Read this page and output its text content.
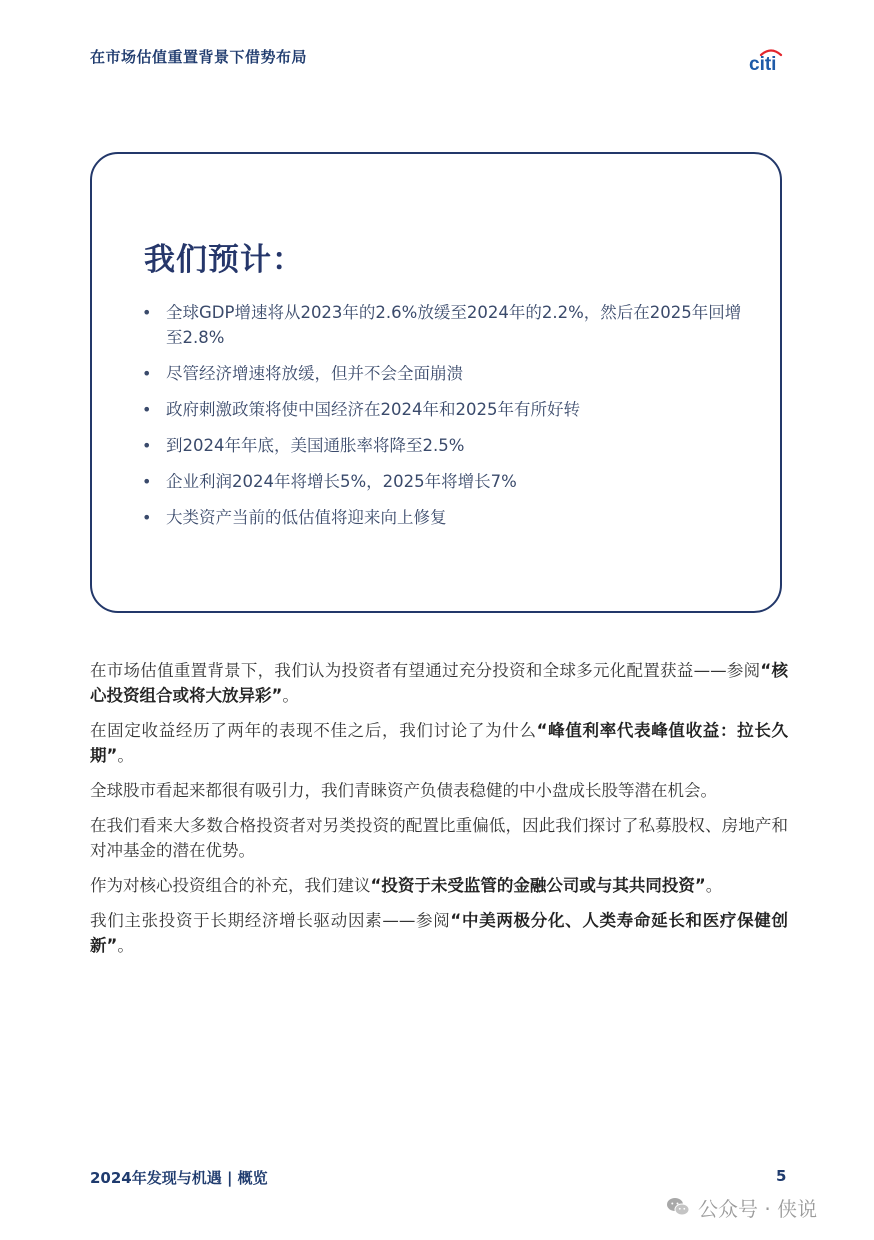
在市场估值重置背景下借势布局	citi
我们预计：
• 全球GDP增速将从2023年的2.6%放缓至2024年的2.2%，然后在2025年回增至2.8%
• 尽管经济增速将放缓，但并不会全面崩溃
• 政府刺激政策将使中国经济在2024年和2025年有所好转
• 到2024年年底，美国通胀率将降至2.5%
• 企业利润2024年将增长5%，2025年将增长7%
• 大类资产当前的低估值将迎来向上修复

在市场估值重置背景下，我们认为投资者有望通过充分投资和全球多元化配置获益——参阅“核心投资组合或将大放异彩”。

在固定收益经历了两年的表现不佳之后，我们讨论了为什么“峰值利率代表峰值收益：拉长久期”。

全球股市看起来都很有吸引力，我们青睐资产负债表稳健的中小盘成长股等潜在机会。

在我们看来大多数合格投资者对另类投资的配置比重偏低，因此我们探讨了私募股权、房地产和对冲基金的潜在优势。

作为对核心投资组合的补充，我们建议“投资于未受监管的金融公司或与其共同投资”。

我们主张投资于长期经济增长驱动因素——参阅“中美两极分化、人类寿命延长和医疗保健创新”。

2024年发现与机遇 | 概览	5
公众号 · 侠说
